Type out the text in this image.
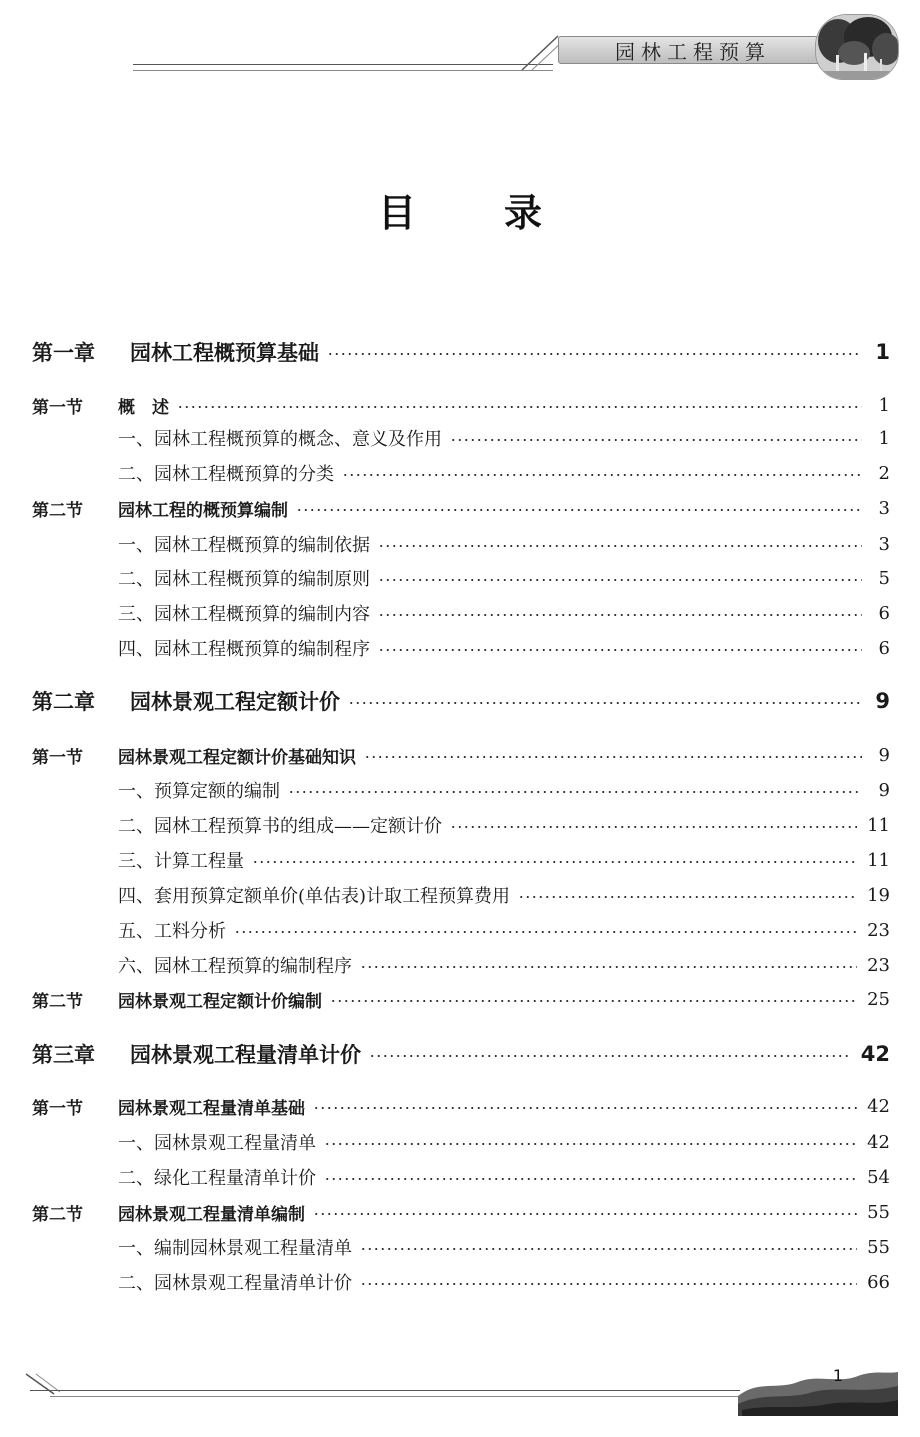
园林工程预算
目录
第一章	园林工程概预算基础	1
第一节	概　述	1
一、园林工程概预算的概念、意义及作用	1
二、园林工程概预算的分类	2
第二节	园林工程的概预算编制	3
一、园林工程概预算的编制依据	3
二、园林工程概预算的编制原则	5
三、园林工程概预算的编制内容	6
四、园林工程概预算的编制程序	6
第二章	园林景观工程定额计价	9
第一节	园林景观工程定额计价基础知识	9
一、预算定额的编制	9
二、园林工程预算书的组成——定额计价	11
三、计算工程量	11
四、套用预算定额单价(单估表)计取工程预算费用	19
五、工料分析	23
六、园林工程预算的编制程序	23
第二节	园林景观工程定额计价编制	25
第三章	园林景观工程量清单计价	42
第一节	园林景观工程量清单基础	42
一、园林景观工程量清单	42
二、绿化工程量清单计价	54
第二节	园林景观工程量清单编制	55
一、编制园林景观工程量清单	55
二、园林景观工程量清单计价	66
1
